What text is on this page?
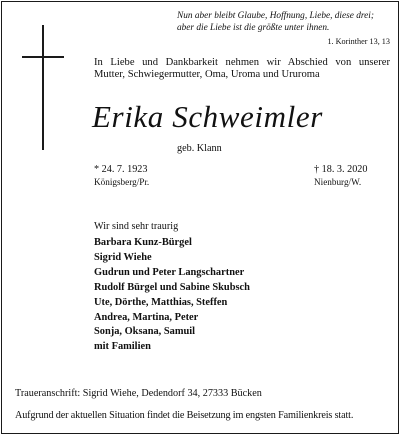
Nun aber bleibt Glaube, Hoffnung, Liebe, diese drei;
aber die Liebe ist die größte unter ihnen.
1. Korinther 13, 13
In Liebe und Dankbarkeit nehmen wir Abschied von unserer
Mutter, Schwiegermutter, Oma, Uroma und Ururoma
Erika Schweimler
geb. Klann
* 24. 7. 1923
Königsberg/Pr.
† 18. 3. 2020
Nienburg/W.
Wir sind sehr traurig
Barbara Kunz-Bürgel
Sigrid Wiehe
Gudrun und Peter Langschartner
Rudolf Bürgel und Sabine Skubsch
Ute, Dörthe, Matthias, Steffen
Andrea, Martina, Peter
Sonja, Oksana, Samuil
mit Familien
Traueranschrift: Sigrid Wiehe, Dedendorf 34, 27333 Bücken
Aufgrund der aktuellen Situation findet die Beisetzung im engsten Familienkreis statt.
